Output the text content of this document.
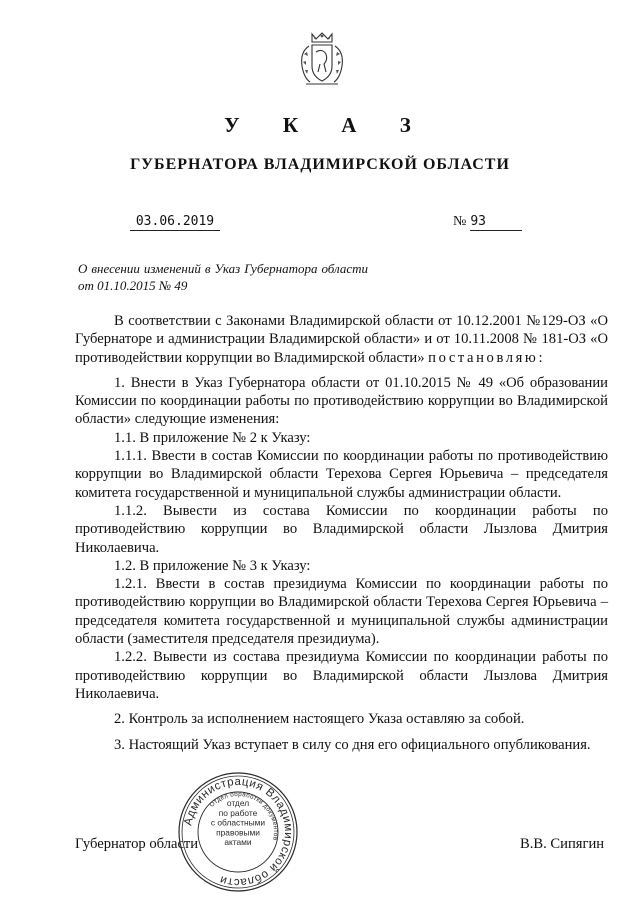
У К А З
ГУБЕРНАТОРА ВЛАДИМИРСКОЙ ОБЛАСТИ
03.06.2019	№ 93
О внесении изменений в Указ Губернатора области от 01.10.2015 № 49

В соответствии с Законами Владимирской области от 10.12.2001 №129-ОЗ «О Губернаторе и администрации Владимирской области» и от 10.11.2008 № 181-ОЗ «О противодействии коррупции во Владимирской области» постановляю:

1. Внести в Указ Губернатора области от 01.10.2015 № 49 «Об образовании Комиссии по координации работы по противодействию коррупции во Владимирской области» следующие изменения:

1.1. В приложение № 2 к Указу:

1.1.1. Ввести в состав Комиссии по координации работы по противодействию коррупции во Владимирской области Терехова Сергея Юрьевича – председателя комитета государственной и муниципальной службы администрации области.

1.1.2. Вывести из состава Комиссии по координации работы по противодействию коррупции во Владимирской области Лызлова Дмитрия Николаевича.

1.2. В приложение № 3 к Указу:

1.2.1. Ввести в состав президиума Комиссии по координации работы по противодействию коррупции во Владимирской области Терехова Сергея Юрьевича – председателя комитета государственной и муниципальной службы администрации области (заместителя председателя президиума).

1.2.2. Вывести из состава президиума Комиссии по координации работы по противодействию коррупции во Владимирской области Лызлова Дмитрия Николаевича.

2. Контроль за исполнением настоящего Указа оставляю за собой.

3. Настоящий Указ вступает в силу со дня его официального опубликования.

Губернатор области	В.В. Сипягин
Администрация Владимирской области
Отдел обработки документов
отдел по работе с областными правовыми актами
